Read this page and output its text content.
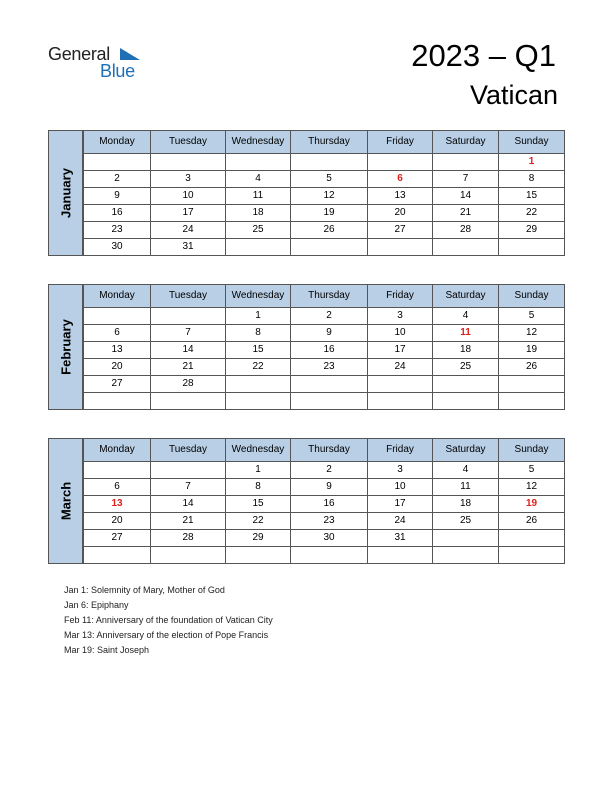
General
Blue	2023 – Q1
Vatican
Monday	Tuesday	Wednesday	Thursday	Friday	Saturday	Sunday
						1
2	3	4	5	6	7	8
9	10	11	12	13	14	15
16	17	18	19	20	21	22
23	24	25	26	27	28	29
30	31					
January
Monday	Tuesday	Wednesday	Thursday	Friday	Saturday	Sunday
		1	2	3	4	5
6	7	8	9	10	11	12
13	14	15	16	17	18	19
20	21	22	23	24	25	26
27	28					

February
Monday	Tuesday	Wednesday	Thursday	Friday	Saturday	Sunday
		1	2	3	4	5
6	7	8	9	10	11	12
13	14	15	16	17	18	19
20	21	22	23	24	25	26
27	28	29	30	31		

March
Jan 1: Solemnity of Mary, Mother of God
Jan 6: Epiphany
Feb 11: Anniversary of the foundation of Vatican City
Mar 13: Anniversary of the election of Pope Francis
Mar 19: Saint Joseph
